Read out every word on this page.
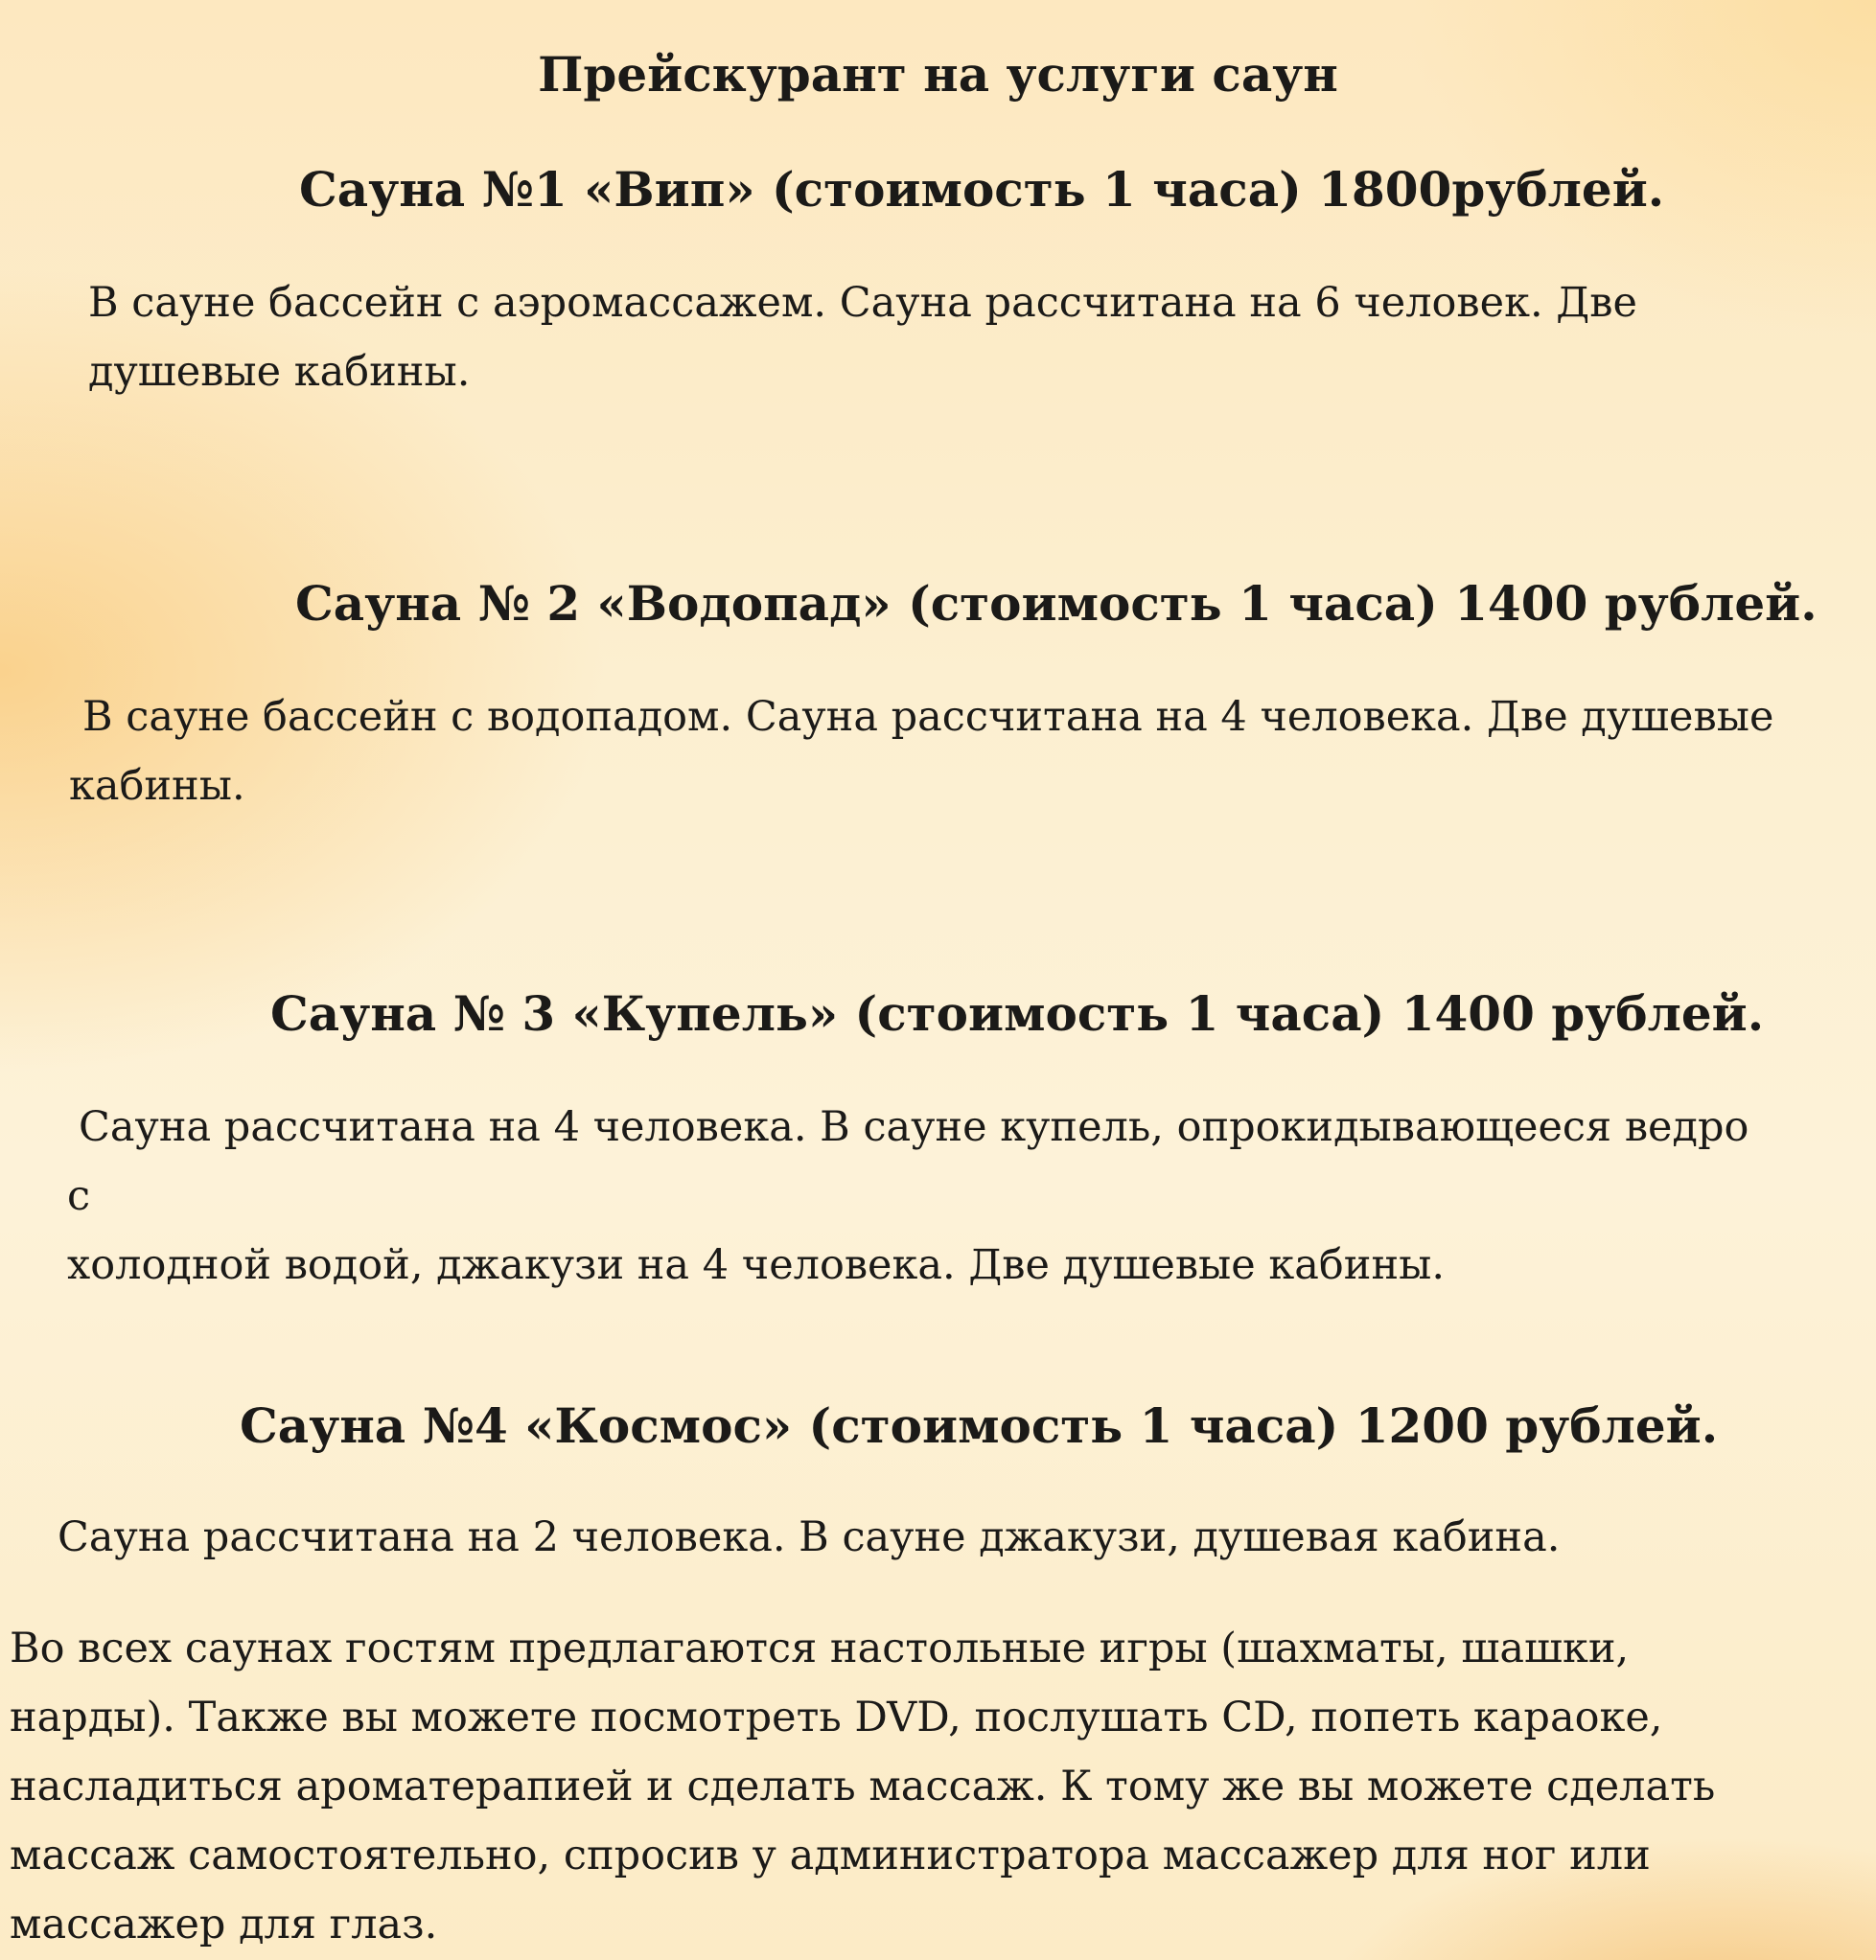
Прейскурант на услуги саун
Сауна №1 «Вип» (стоимость 1 часа) 1800рублей.

В сауне бассейн с аэромассажем. Сауна рассчитана на 6 человек. Две
душевые кабины.

Сауна № 2 «Водопад» (стоимость 1 часа) 1400 рублей.

В сауне бассейн с водопадом. Сауна рассчитана на 4 человека. Две душевые
кабины.

Сауна № 3 «Купель» (стоимость 1 часа) 1400 рублей.

Сауна рассчитана на 4 человека. В сауне купель, опрокидывающееся ведро
с
холодной водой, джакузи на 4 человека. Две душевые кабины.

Сауна №4 «Космос» (стоимость 1 часа) 1200 рублей.

Сауна рассчитана на 2 человека. В сауне джакузи, душевая кабина.

Во всех саунах гостям предлагаются настольные игры (шахматы, шашки,
нарды). Также вы можете посмотреть DVD, послушать CD, попеть караоке,
насладиться ароматерапией и сделать массаж. К тому же вы можете сделать
массаж самостоятельно, спросив у администратора массажер для ног или
массажер для глаз.
